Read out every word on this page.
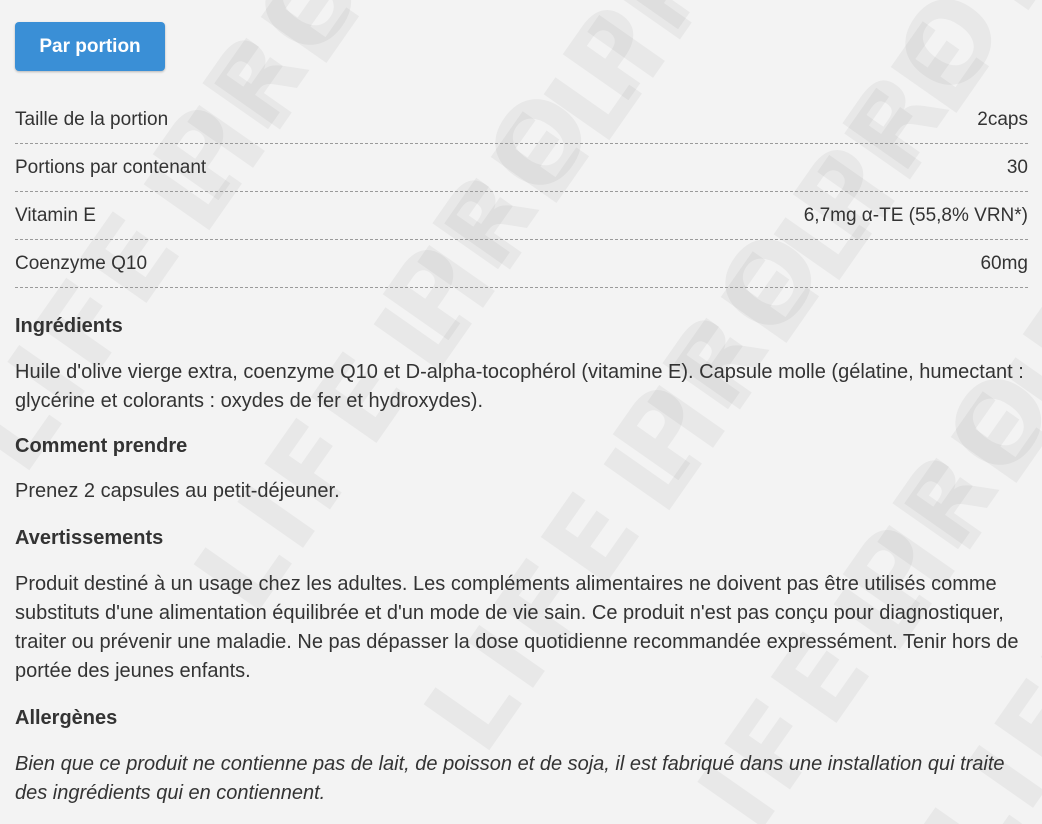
Par portion
Taille de la portion	2caps
Portions par contenant	30
Vitamin E	6,7mg α-TE (55,8% VRN*)
Coenzyme Q10	60mg
Ingrédients

Huile d'olive vierge extra, coenzyme Q10 et D-alpha-tocophérol (vitamine E). Capsule molle (gélatine, humectant : glycérine et colorants : oxydes de fer et hydroxydes).

Comment prendre

Prenez 2 capsules au petit-déjeuner.

Avertissements

Produit destiné à un usage chez les adultes. Les compléments alimentaires ne doivent pas être utilisés comme substituts d'une alimentation équilibrée et d'un mode de vie sain. Ce produit n'est pas conçu pour diagnostiquer, traiter ou prévenir une maladie. Ne pas dépasser la dose quotidienne recommandée expressément. Tenir hors de portée des jeunes enfants.

Allergènes

Bien que ce produit ne contienne pas de lait, de poisson et de soja, il est fabriqué dans une installation qui traite des ingrédients qui en contiennent.
